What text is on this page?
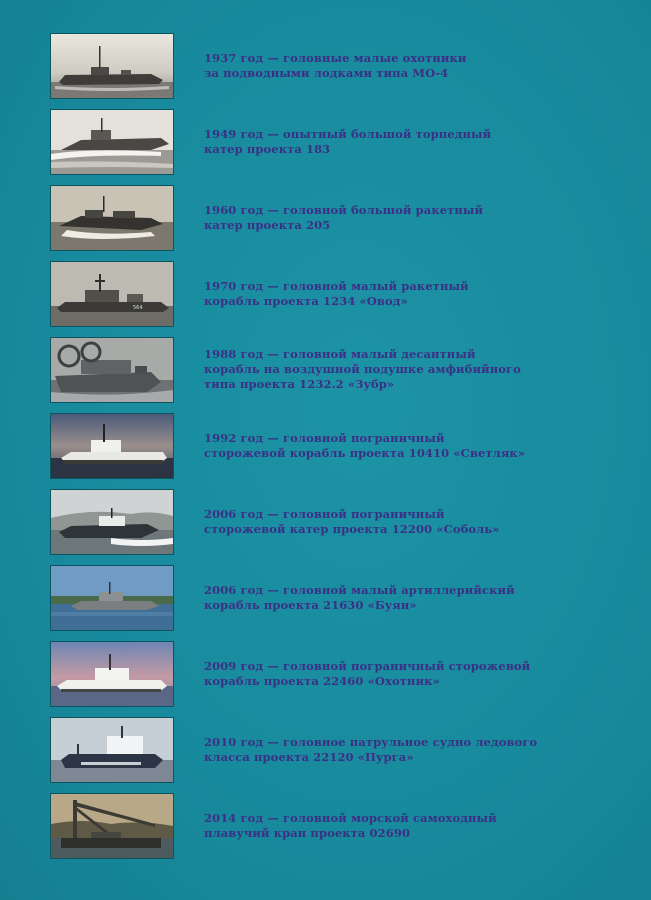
1937 год — головные малые охотники
за подводными лодками типа МО-4
1949 год — опытный большой торпедный
катер проекта 183
1960 год — головной большой ракетный
катер проекта 205
564
1970 год — головной малый ракетный
корабль проекта 1234 «Овод»
1988 год — головной малый десантный
корабль на воздушной подушке амфибийного
типа проекта 1232.2 «Зубр»
1992 год — головной пограничный
сторожевой корабль проекта 10410 «Светляк»
2006 год — головной пограничный
сторожевой катер проекта 12200 «Соболь»
2006 год — головной малый артиллерийский
корабль проекта 21630 «Буян»
2009 год — головной пограничный сторожевой
корабль проекта 22460 «Охотник»
2010 год — головное патрульное судно ледового
класса проекта 22120 «Пурга»
2014 год — головной морской самоходный
плавучий кран проекта 02690
